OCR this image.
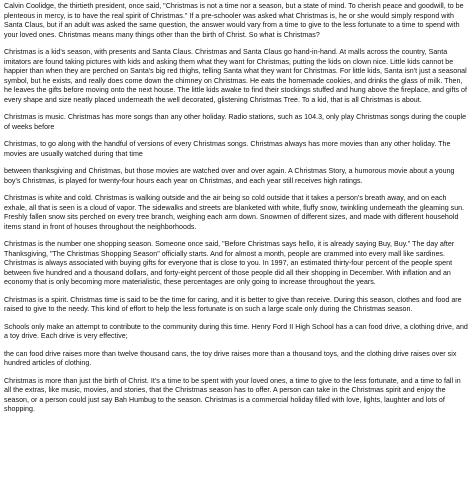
Calvin Coolidge, the thirtieth president, once said, "Christmas is not a time nor a season, but a state of mind. To cherish peace and goodwill, to be plenteous in mercy, is to have the real spirit of Christmas." If a pre-schooler was asked what Christmas is, he or she would simply respond with Santa Claus, but if an adult was asked the same question, the answer would vary from a time to give to the less fortunate to a time to spend with your loved ones. Christmas means many things other than the birth of Christ. So what is Christmas?

Christmas is a kid's season, with presents and Santa Claus. Christmas and Santa Claus go hand-in-hand. At malls across the country, Santa imitators are found taking pictures with kids and asking them what they want for Christmas, putting the kids on clown nice. Little kids cannot be happier than when they are perched on Santa's big red thighs, telling Santa what they want for Christmas. For little kids, Santa isn't just a seasonal symbol, but he exists, and really does come down the chimney on Christmas. He eats the homemade cookies, and drinks the glass of milk. Then, he leaves the gifts before moving onto the next house. The little kids awake to find their stockings stuffed and hung above the fireplace, and gifts of every shape and size neatly placed underneath the well decorated, glistening Christmas Tree. To a kid, that is all Christmas is about.

Christmas is music. Christmas has more songs than any other holiday. Radio stations, such as 104.3, only play Christmas songs during the couple of weeks before

Christmas, to go along with the handful of versions of every Christmas songs. Christmas always has more movies than any other holiday. The movies are usually watched during that time

between thanksgiving and Christmas, but those movies are watched over and over again. A Christmas Story, a humorous movie about a young boy's Christmas, is played for twenty-four hours each year on Christmas, and each year still receives high ratings.

Christmas is white and cold. Christmas is walking outside and the air being so cold outside that it takes a person's breath away, and on each exhale, all that is seen is a cloud of vapor. The sidewalks and streets are blanketed with white, fluffy snow, twinkling underneath the gleaming sun. Freshly fallen snow sits perched on every tree branch, weighing each arm down. Snowmen of different sizes, and made with different household items stand in front of houses throughout the neighborhoods.

Christmas is the number one shopping season. Someone once said, "Before Christmas says hello, it is already saying Buy, Buy." The day after Thanksgiving, "The Christmas Shopping Season" officially starts. And for almost a month, people are crammed into every mall like sardines. Christmas is always associated with buying gifts for everyone that is close to you. In 1997, an estimated thirty-four percent of the people spent between five hundred and a thousand dollars, and forty-eight percent of those people did all their shopping in December. With inflation and an economy that is only becoming more materialistic, these percentages are only going to increase throughout the years.

Christmas is a spirit. Christmas time is said to be the time for caring, and it is better to give than receive. During this season, clothes and food are raised to give to the needy. This kind of effort to help the less fortunate is on such a large scale only during the Christmas season.

Schools only make an attempt to contribute to the community during this time. Henry Ford II High School has a can food drive, a clothing drive, and a toy drive. Each drive is very effective;

the can food drive raises more than twelve thousand cans, the toy drive raises more than a thousand toys, and the clothing drive raises over six hundred articles of clothing.

Christmas is more than just the birth of Christ. It's a time to be spent with your loved ones, a time to give to the less fortunate, and a time to fall in all the extras, like music, movies, and stories, that the Christmas season has to offer. A person can take in the Christmas spirit and enjoy the season, or a person could just say Bah Humbug to the season. Christmas is a commercial holiday filled with love, lights, laughter and lots of shopping.
